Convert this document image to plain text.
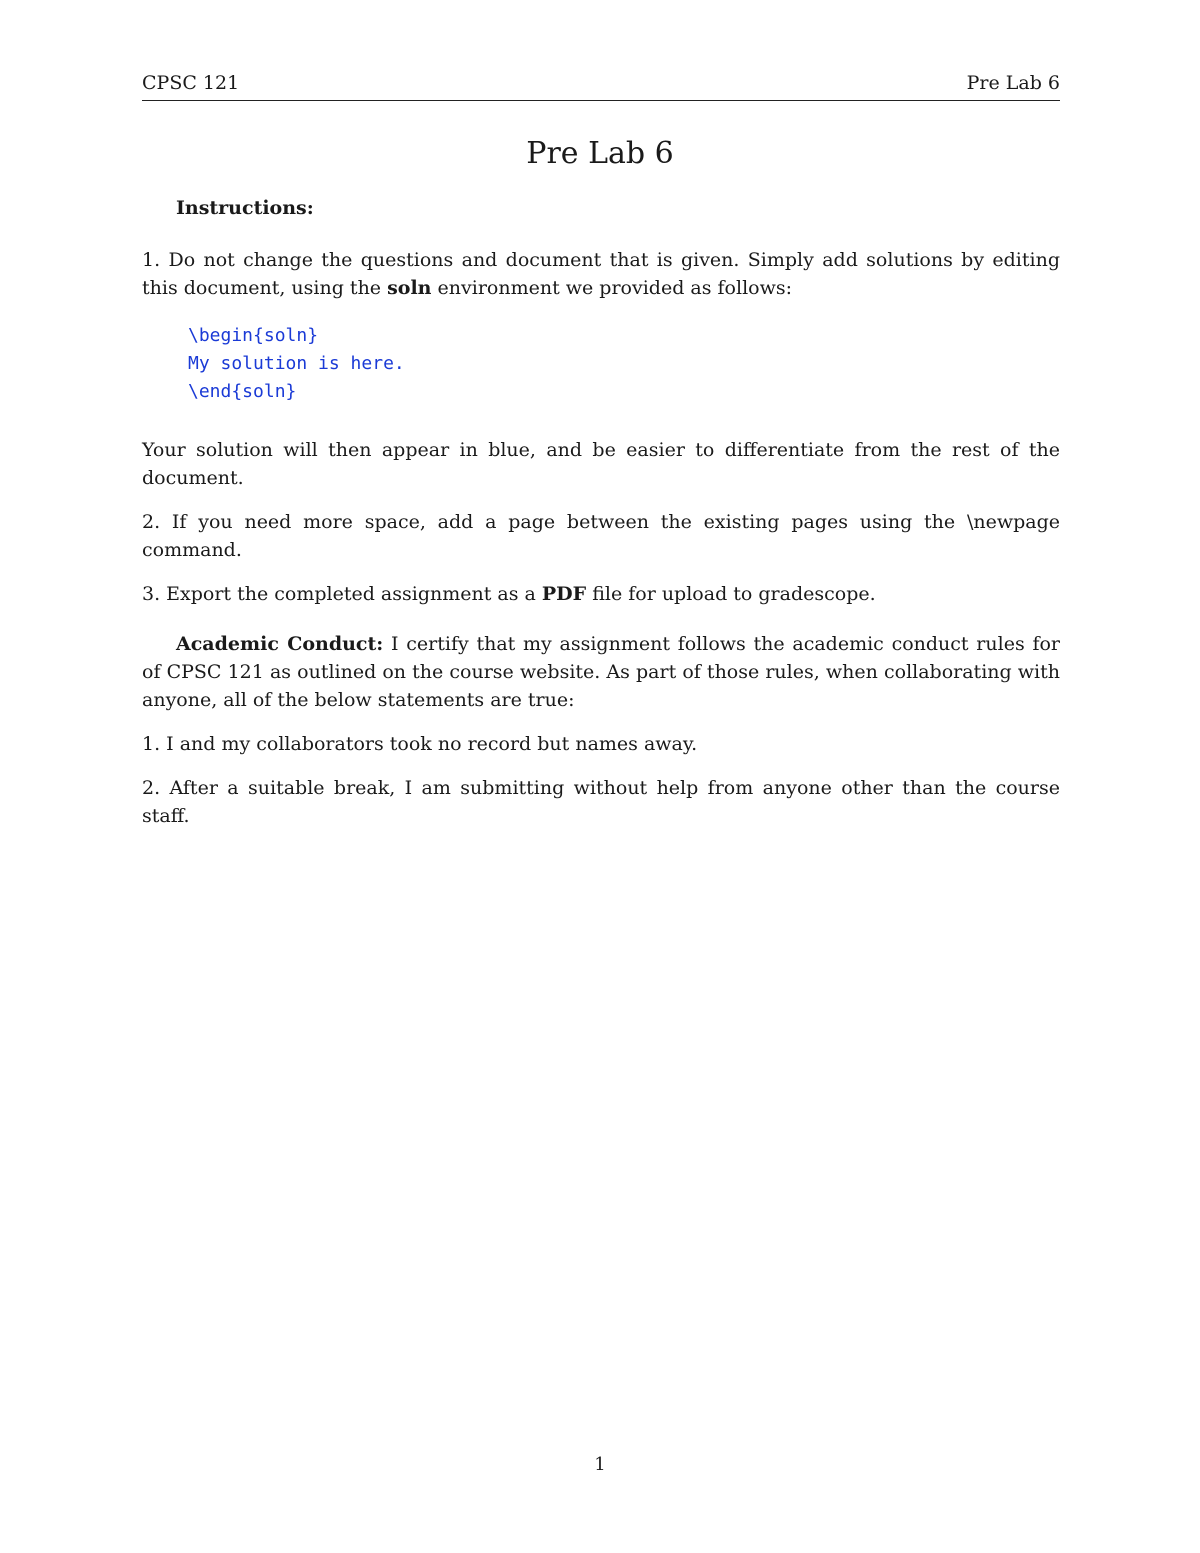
CPSC 121	Pre Lab 6
Pre Lab 6

Instructions:

1. Do not change the questions and document that is given. Simply add solutions by editing this document, using the soln environment we provided as follows:

\begin{soln}
My solution is here.
\end{soln}

Your solution will then appear in blue, and be easier to differentiate from the rest of the document.

2. If you need more space, add a page between the existing pages using the \newpage command.

3. Export the completed assignment as a PDF file for upload to gradescope.

Academic Conduct: I certify that my assignment follows the academic conduct rules for of CPSC 121 as outlined on the course website. As part of those rules, when collaborating with anyone, all of the below statements are true:

1. I and my collaborators took no record but names away.

2. After a suitable break, I am submitting without help from anyone other than the course staff.

1
